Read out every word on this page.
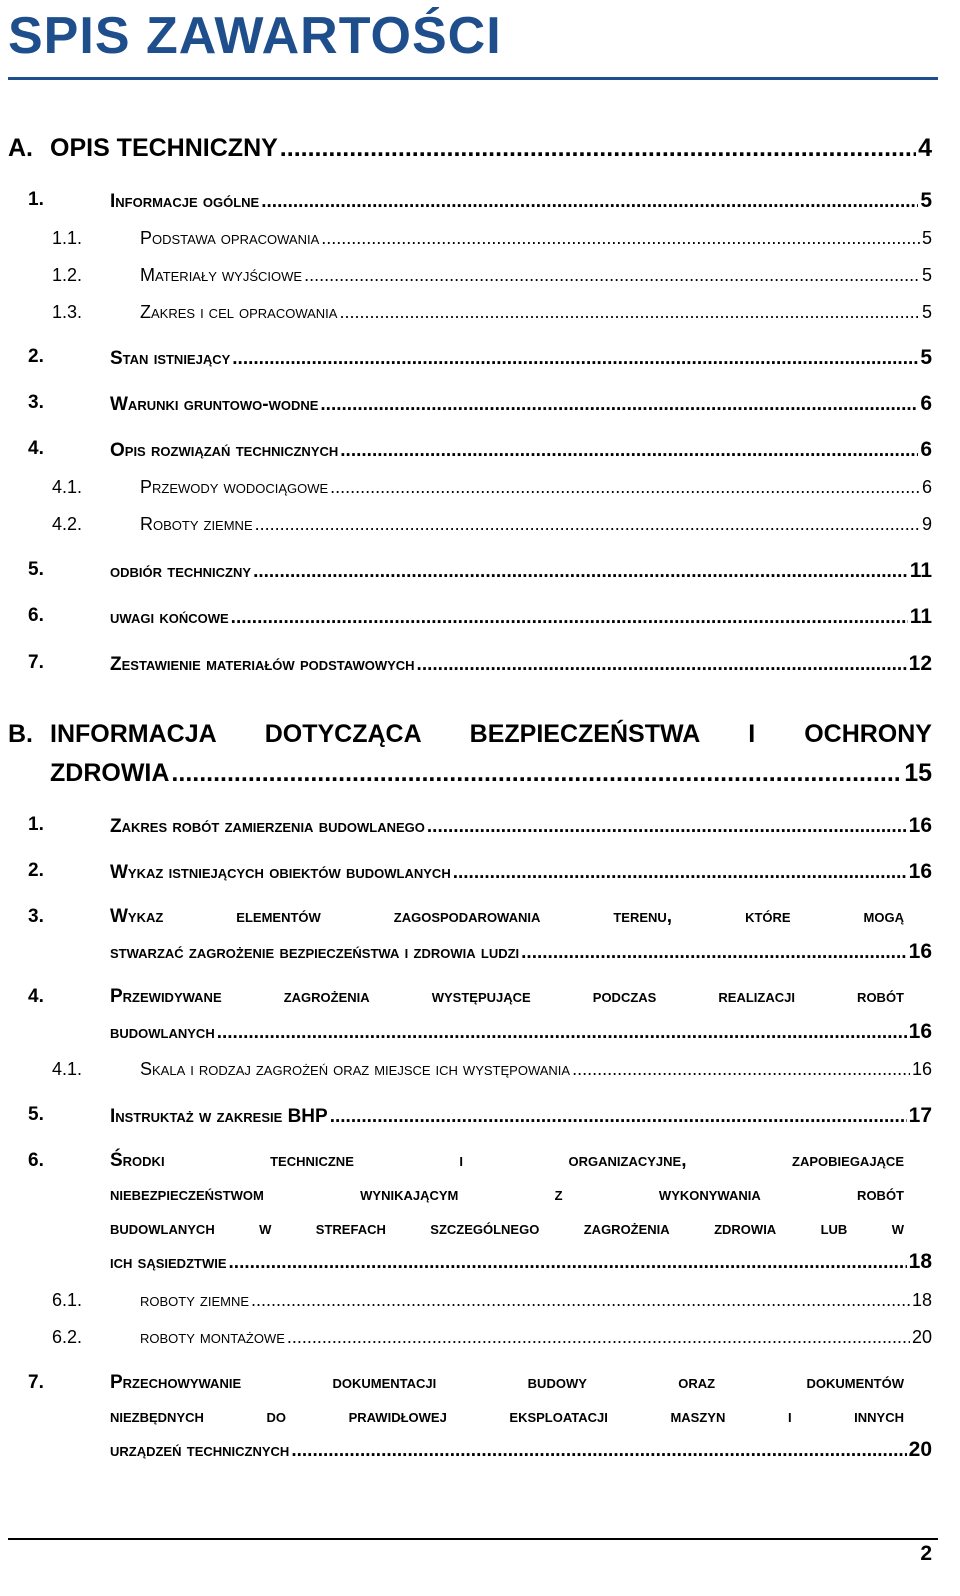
SPIS ZAWARTOŚCI
A. OPIS TECHNICZNY .....	4
1.	Informacje ogólne .....	5
1.1.	Podstawa opracowania .....	5
1.2.	Materiały wyjściowe .....	5
1.3.	Zakres i cel opracowania .....	5
2.	Stan istniejący .....	5
3.	Warunki gruntowo-wodne .....	6
4.	Opis rozwiązań technicznych .....	6
4.1.	Przewody wodociągowe .....	6
4.2.	Roboty ziemne .....	9
5.	odbiór techniczny .....	11
6.	uwagi końcowe .....	11
7.	Zestawienie materiałów podstawowych .....	12
B. INFORMACJA DOTYCZĄCA BEZPIECZEŃSTWA I OCHRONY
ZDROWIA .....	15
1.	Zakres robót zamierzenia budowlanego .....	16
2.	Wykaz istniejących obiektów budowlanych .....	16
3.	Wykaz elementów zagospodarowania terenu, które mogą
stwarzać zagrożenie bezpieczeństwa i zdrowia ludzi .....	16
4.	Przewidywane zagrożenia występujące podczas realizacji robót
budowlanych .....	16
4.1.	Skala i rodzaj zagrożeń oraz miejsce ich występowania .....	16
5.	Instruktaż w zakresie BHP .....	17
6.	Środki techniczne i organizacyjne, zapobiegające
niebezpieczeństwom wynikającym z wykonywania robót
budowlanych w strefach szczególnego zagrożenia zdrowia lub w
ich sąsiedztwie .....	18
6.1.	roboty ziemne .....	18
6.2.	roboty montażowe .....	20
7.	Przechowywanie dokumentacji budowy oraz dokumentów
niezbędnych do prawidłowej eksploatacji maszyn i innych
urządzeń technicznych .....	20
2
